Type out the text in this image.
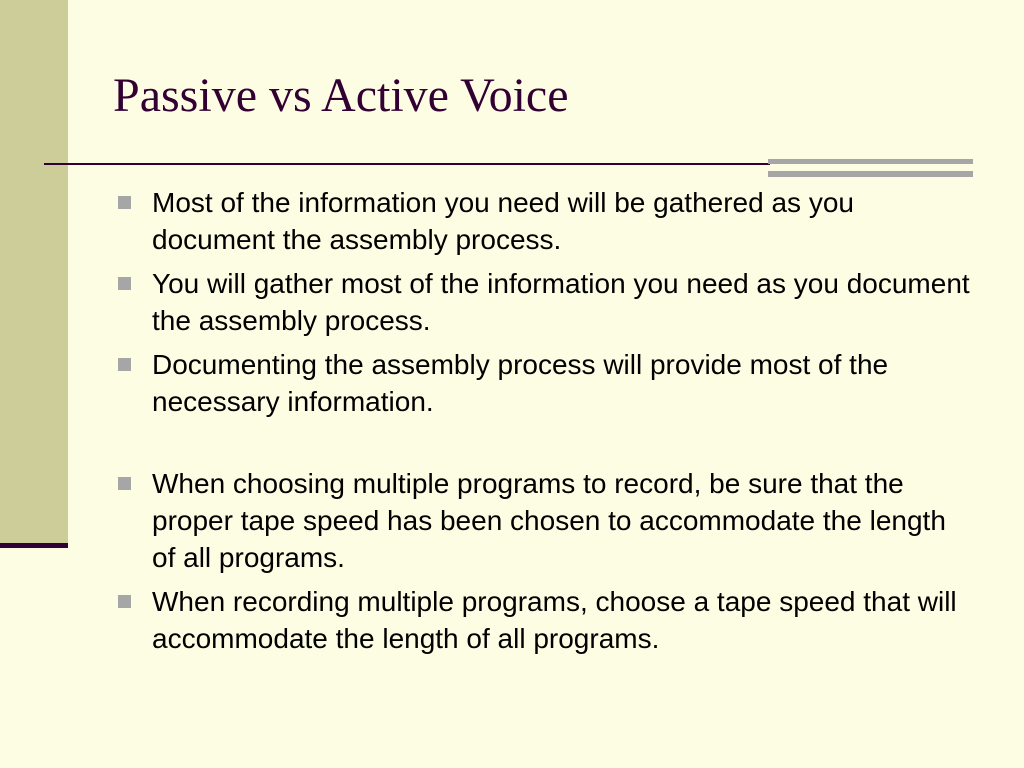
Passive vs Active Voice
Most of the information you need will be gathered as you document the assembly process.
You will gather most of the information you need as you document the assembly process.
Documenting the assembly process will provide most of the necessary information.
When choosing multiple programs to record, be sure that the proper tape speed has been chosen to accommodate the length of all programs.
When recording multiple programs, choose a tape speed that will accommodate the length of all programs.
